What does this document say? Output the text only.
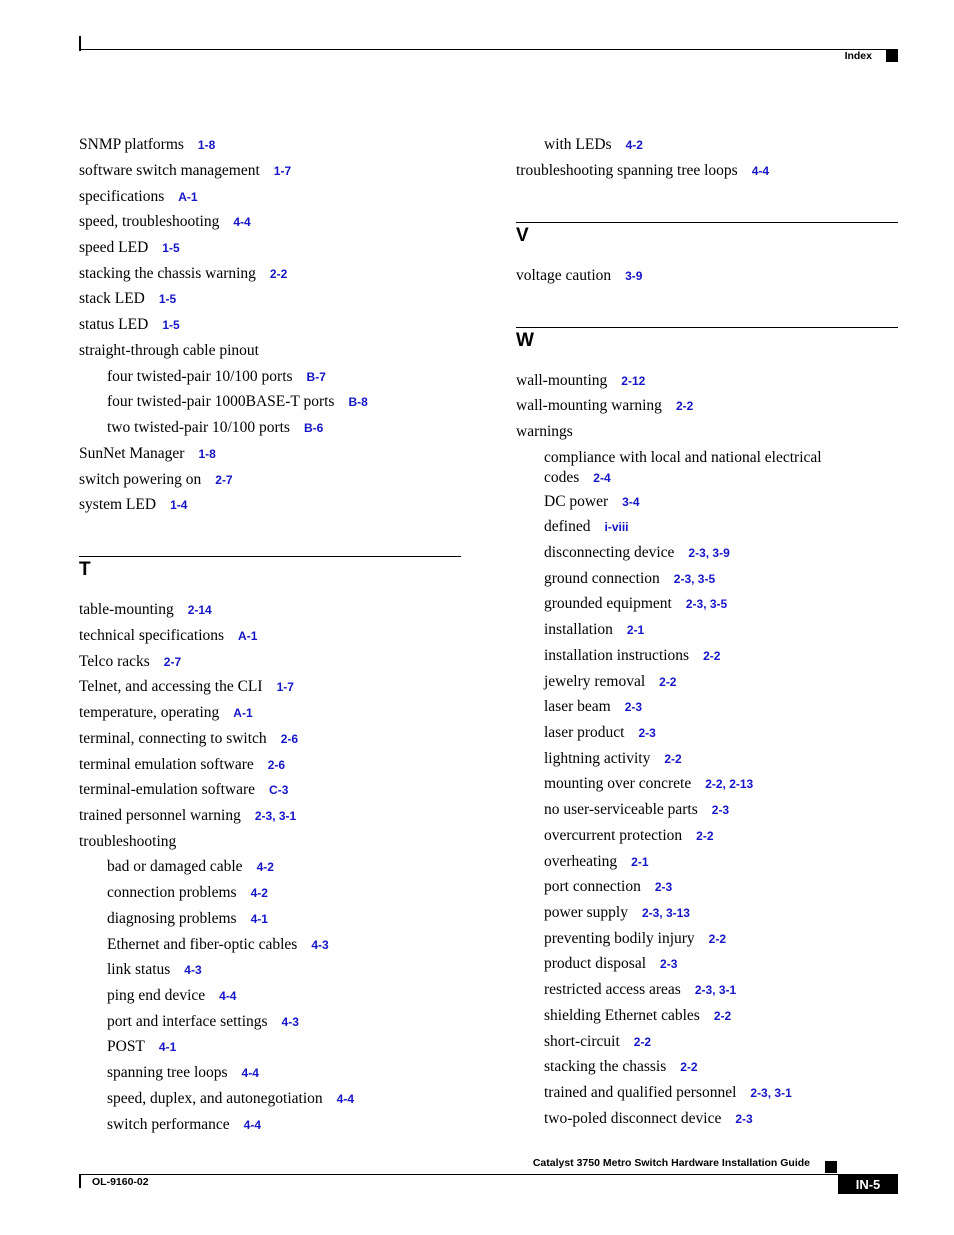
Index
SNMP platforms 1-8
software switch management 1-7
specifications A-1
speed, troubleshooting 4-4
speed LED 1-5
stacking the chassis warning 2-2
stack LED 1-5
status LED 1-5
straight-through cable pinout
four twisted-pair 10/100 ports B-7
four twisted-pair 1000BASE-T ports B-8
two twisted-pair 10/100 ports B-6
SunNet Manager 1-8
switch powering on 2-7
system LED 1-4
T
table-mounting 2-14
technical specifications A-1
Telco racks 2-7
Telnet, and accessing the CLI 1-7
temperature, operating A-1
terminal, connecting to switch 2-6
terminal emulation software 2-6
terminal-emulation software C-3
trained personnel warning 2-3, 3-1
troubleshooting
bad or damaged cable 4-2
connection problems 4-2
diagnosing problems 4-1
Ethernet and fiber-optic cables 4-3
link status 4-3
ping end device 4-4
port and interface settings 4-3
POST 4-1
spanning tree loops 4-4
speed, duplex, and autonegotiation 4-4
switch performance 4-4
with LEDs 4-2
troubleshooting spanning tree loops 4-4
V
voltage caution 3-9
W
wall-mounting 2-12
wall-mounting warning 2-2
warnings
compliance with local and national electrical codes 2-4
DC power 3-4
defined i-viii
disconnecting device 2-3, 3-9
ground connection 2-3, 3-5
grounded equipment 2-3, 3-5
installation 2-1
installation instructions 2-2
jewelry removal 2-2
laser beam 2-3
laser product 2-3
lightning activity 2-2
mounting over concrete 2-2, 2-13
no user-serviceable parts 2-3
overcurrent protection 2-2
overheating 2-1
port connection 2-3
power supply 2-3, 3-13
preventing bodily injury 2-2
product disposal 2-3
restricted access areas 2-3, 3-1
shielding Ethernet cables 2-2
short-circuit 2-2
stacking the chassis 2-2
trained and qualified personnel 2-3, 3-1
two-poled disconnect device 2-3
Catalyst 3750 Metro Switch Hardware Installation Guide
OL-9160-02	IN-5
